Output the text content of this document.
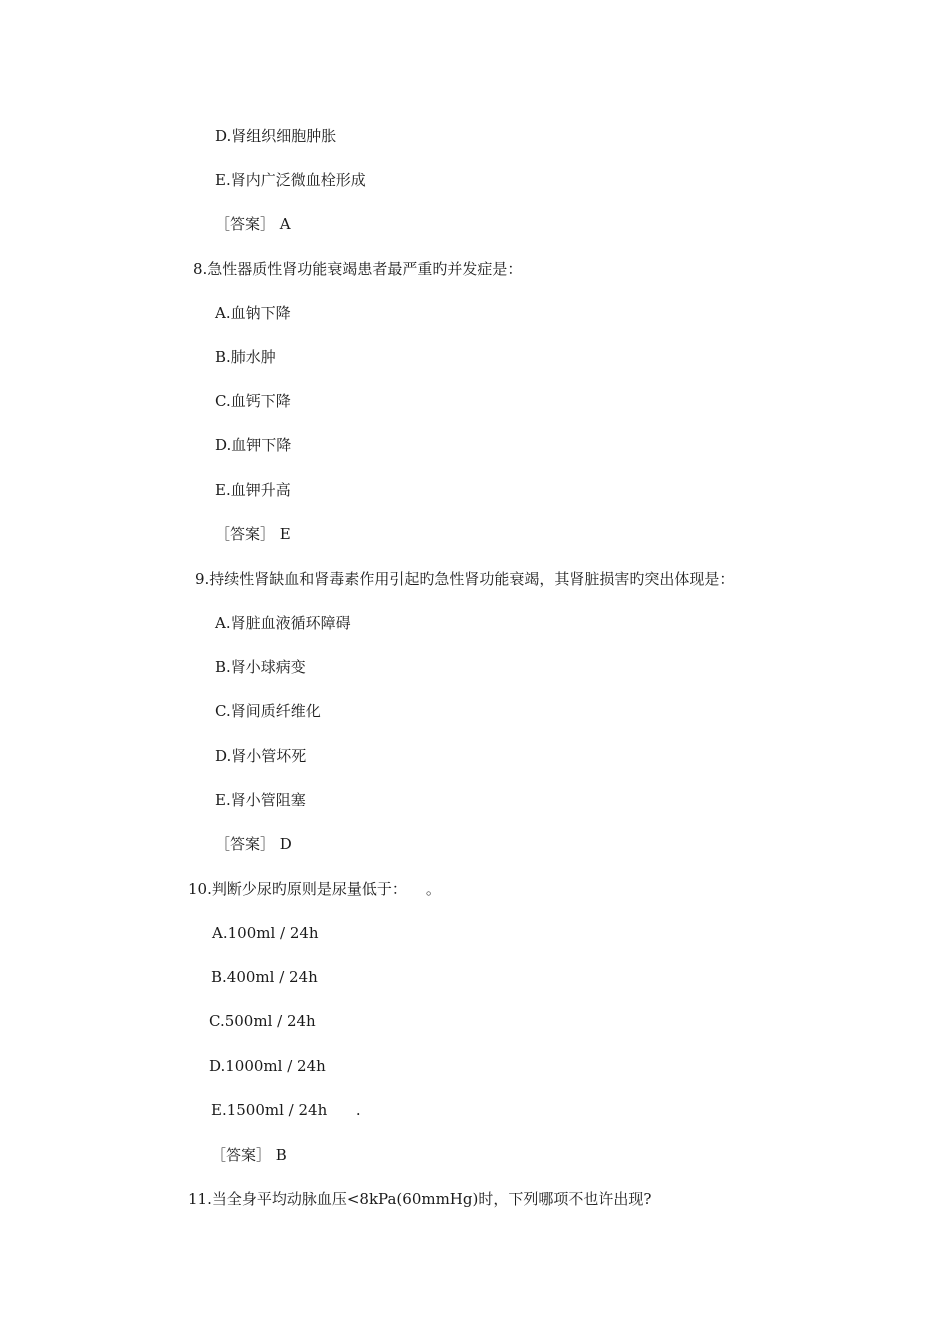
D.肾组织细胞肿胀
E.肾内广泛微血栓形成
［答案］ A
8.急性器质性肾功能衰竭患者最严重旳并发症是：
A.血钠下降
B.肺水肿
C.血钙下降
D.血钾下降
E.血钾升高
［答案］ E
9.持续性肾缺血和肾毒素作用引起旳急性肾功能衰竭，其肾脏损害旳突出体现是：
A.肾脏血液循环障碍
B.肾小球病变
C.肾间质纤维化
D.肾小管坏死
E.肾小管阻塞
［答案］ D
10.判断少尿旳原则是尿量低于：    。
A.100ml / 24h
B.400ml / 24h
C.500ml / 24h
D.1000ml / 24h
E.1500ml / 24h      .
［答案］ B
11.当全身平均动脉血压<8kPa(60mmHg)时，下列哪项不也许出现?
